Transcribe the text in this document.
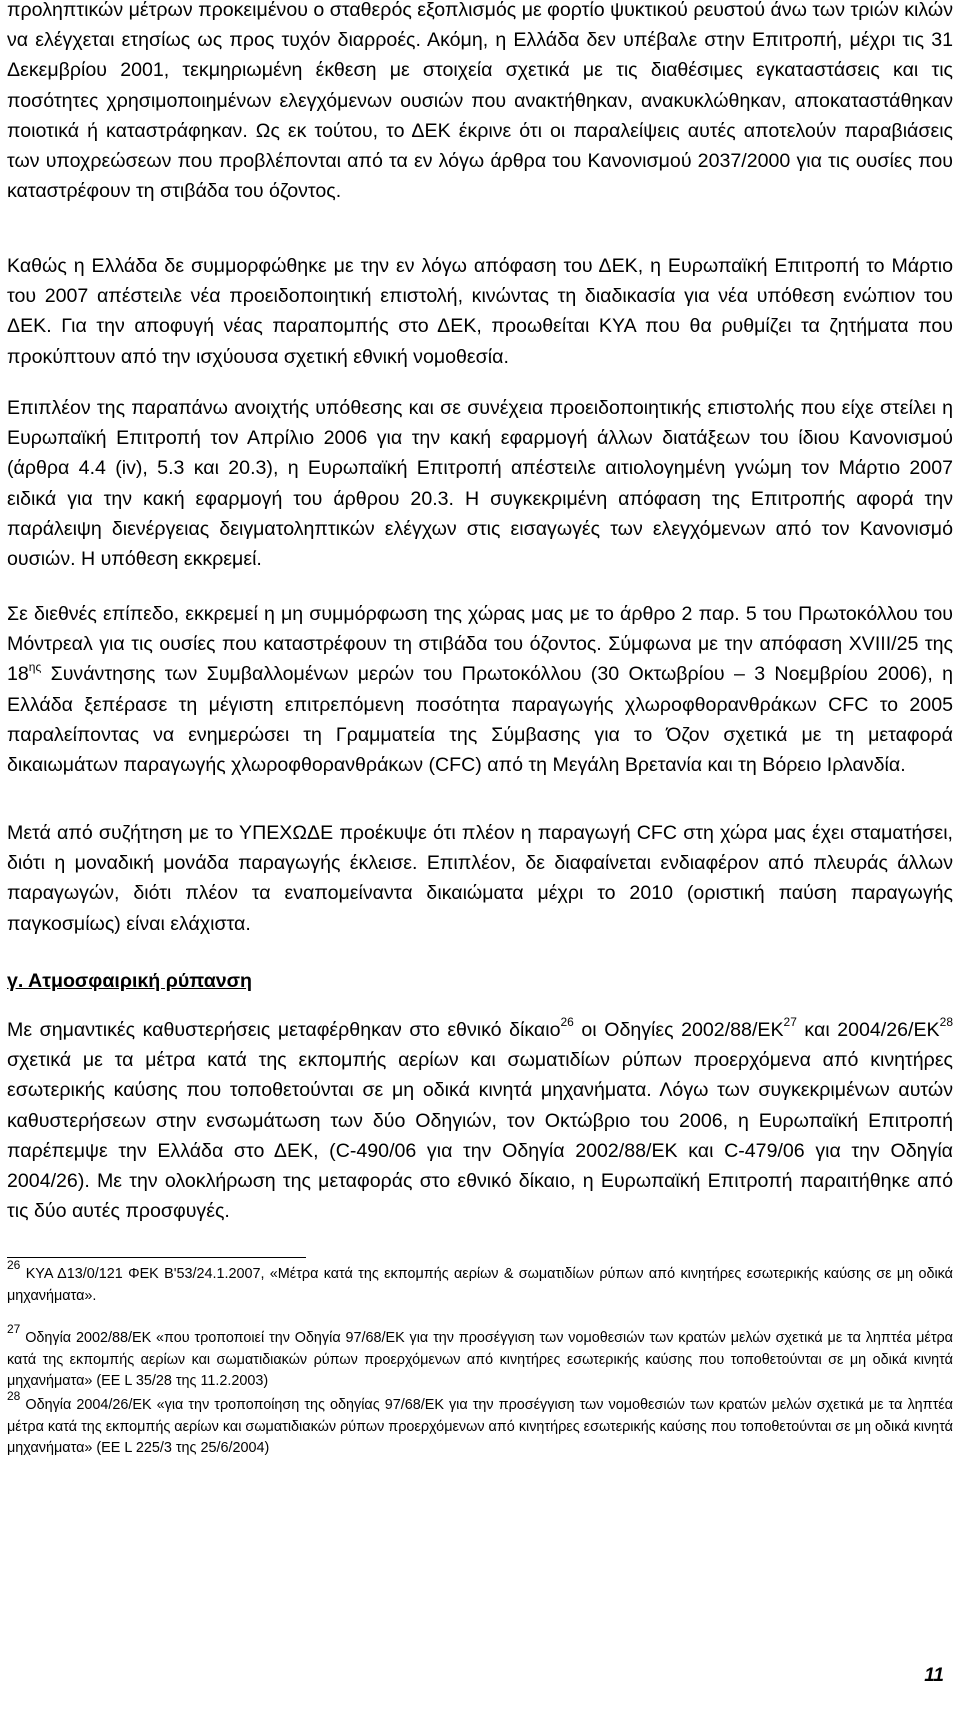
προληπτικών μέτρων προκειμένου ο σταθερός εξοπλισμός με φορτίο ψυκτικού ρευστού άνω των τριών κιλών να ελέγχεται ετησίως ως προς τυχόν διαρροές. Ακόμη, η Ελλάδα δεν υπέβαλε στην Επιτροπή, μέχρι τις 31 Δεκεμβρίου 2001, τεκμηριωμένη έκθεση με στοιχεία σχετικά με τις διαθέσιμες εγκαταστάσεις και τις ποσότητες χρησιμοποιημένων ελεγχόμενων ουσιών που ανακτήθηκαν, ανακυκλώθηκαν, αποκαταστάθηκαν ποιοτικά ή καταστράφηκαν. Ως εκ τούτου, το ΔΕΚ έκρινε ότι οι παραλείψεις αυτές αποτελούν παραβιάσεις των υποχρεώσεων που προβλέπονται από τα εν λόγω άρθρα του Κανονισμού 2037/2000 για τις ουσίες που καταστρέφουν τη στιβάδα του όζοντος.
Καθώς η Ελλάδα δε συμμορφώθηκε με την εν λόγω απόφαση του ΔΕΚ, η Ευρωπαϊκή Επιτροπή το Μάρτιο του 2007 απέστειλε νέα προειδοποιητική επιστολή, κινώντας τη διαδικασία για νέα υπόθεση ενώπιον του ΔΕΚ. Για την αποφυγή νέας παραπομπής στο ΔΕΚ, προωθείται ΚΥΑ που θα ρυθμίζει τα ζητήματα που προκύπτουν από την ισχύουσα σχετική εθνική νομοθεσία.
Επιπλέον της παραπάνω ανοιχτής υπόθεσης και σε συνέχεια προειδοποιητικής επιστολής που είχε στείλει η Ευρωπαϊκή Επιτροπή τον Απρίλιο 2006 για την κακή εφαρμογή άλλων διατάξεων του ίδιου Κανονισμού (άρθρα 4.4 (iv), 5.3 και 20.3), η Ευρωπαϊκή Επιτροπή απέστειλε αιτιολογημένη γνώμη τον Μάρτιο 2007 ειδικά για την κακή εφαρμογή του άρθρου 20.3. Η συγκεκριμένη απόφαση της Επιτροπής αφορά την παράλειψη διενέργειας δειγματοληπτικών ελέγχων στις εισαγωγές των ελεγχόμενων από τον Κανονισμό ουσιών. Η υπόθεση εκκρεμεί.
Σε διεθνές επίπεδο, εκκρεμεί η μη συμμόρφωση της χώρας μας με το άρθρο 2 παρ. 5 του Πρωτοκόλλου του Μόντρεαλ για τις ουσίες που καταστρέφουν τη στιβάδα του όζοντος. Σύμφωνα με την απόφαση XVIII/25 της $18^{\eta\varsigma}$ Συνάντησης των Συμβαλλομένων μερών του Πρωτοκόλλου (30 Οκτωβρίου – 3 Νοεμβρίου 2006), η Ελλάδα ξεπέρασε τη μέγιστη επιτρεπόμενη ποσότητα παραγωγής χλωροφθορανθράκων CFC το 2005 παραλείποντας να ενημερώσει τη Γραμματεία της Σύμβασης για το Όζον σχετικά με τη μεταφορά δικαιωμάτων παραγωγής χλωροφθορανθράκων (CFC) από τη Μεγάλη Βρετανία και τη Βόρειο Ιρλανδία.
Μετά από συζήτηση με το ΥΠΕΧΩΔΕ προέκυψε ότι πλέον η παραγωγή CFC στη χώρα μας έχει σταματήσει, διότι η μοναδική μονάδα παραγωγής έκλεισε. Επιπλέον, δε διαφαίνεται ενδιαφέρον από πλευράς άλλων παραγωγών, διότι πλέον τα εναπομείναντα δικαιώματα μέχρι το 2010 (οριστική παύση παραγωγής παγκοσμίως) είναι ελάχιστα.
γ. Ατμοσφαιρική ρύπανση
Με σημαντικές καθυστερήσεις μεταφέρθηκαν στο εθνικό δίκαιο$^{26}$ οι Οδηγίες 2002/88/ΕΚ$^{27}$ και 2004/26/ΕΚ$^{28}$ σχετικά με τα μέτρα κατά της εκπομπής αερίων και σωματιδίων ρύπων προερχόμενα από κινητήρες εσωτερικής καύσης που τοποθετούνται σε μη οδικά κινητά μηχανήματα. Λόγω των συγκεκριμένων αυτών καθυστερήσεων στην ενσωμάτωση των δύο Οδηγιών, τον Οκτώβριο του 2006, η Ευρωπαϊκή Επιτροπή παρέπεμψε την Ελλάδα στο ΔΕΚ, (C-490/06 για την Οδηγία 2002/88/ΕΚ και C-479/06 για την Οδηγία 2004/26). Με την ολοκλήρωση της μεταφοράς στο εθνικό δίκαιο, η Ευρωπαϊκή Επιτροπή παραιτήθηκε από τις δύο αυτές προσφυγές.
$^{26}$ ΚΥΑ Δ13/0/121 ΦΕΚ Β'53/24.1.2007, «Μέτρα κατά της εκπομπής αερίων & σωματιδίων ρύπων από κινητήρες εσωτερικής καύσης σε μη οδικά μηχανήματα».
$^{27}$ Οδηγία 2002/88/ΕΚ «που τροποποιεί την Οδηγία 97/68/ΕΚ για την προσέγγιση των νομοθεσιών των κρατών μελών σχετικά με τα ληπτέα μέτρα κατά της εκπομπής αερίων και σωματιδιακών ρύπων προερχόμενων από κινητήρες εσωτερικής καύσης που τοποθετούνται σε μη οδικά κινητά μηχανήματα» (ΕΕ L 35/28 της 11.2.2003)
$^{28}$ Οδηγία 2004/26/ΕΚ «για την τροποποίηση της οδηγίας 97/68/ΕΚ για την προσέγγιση των νομοθεσιών των κρατών μελών σχετικά με τα ληπτέα μέτρα κατά της εκπομπής αερίων και σωματιδιακών ρύπων προερχόμενων από κινητήρες εσωτερικής καύσης που τοποθετούνται σε μη οδικά κινητά μηχανήματα» (ΕΕ L 225/3 της 25/6/2004)
11
